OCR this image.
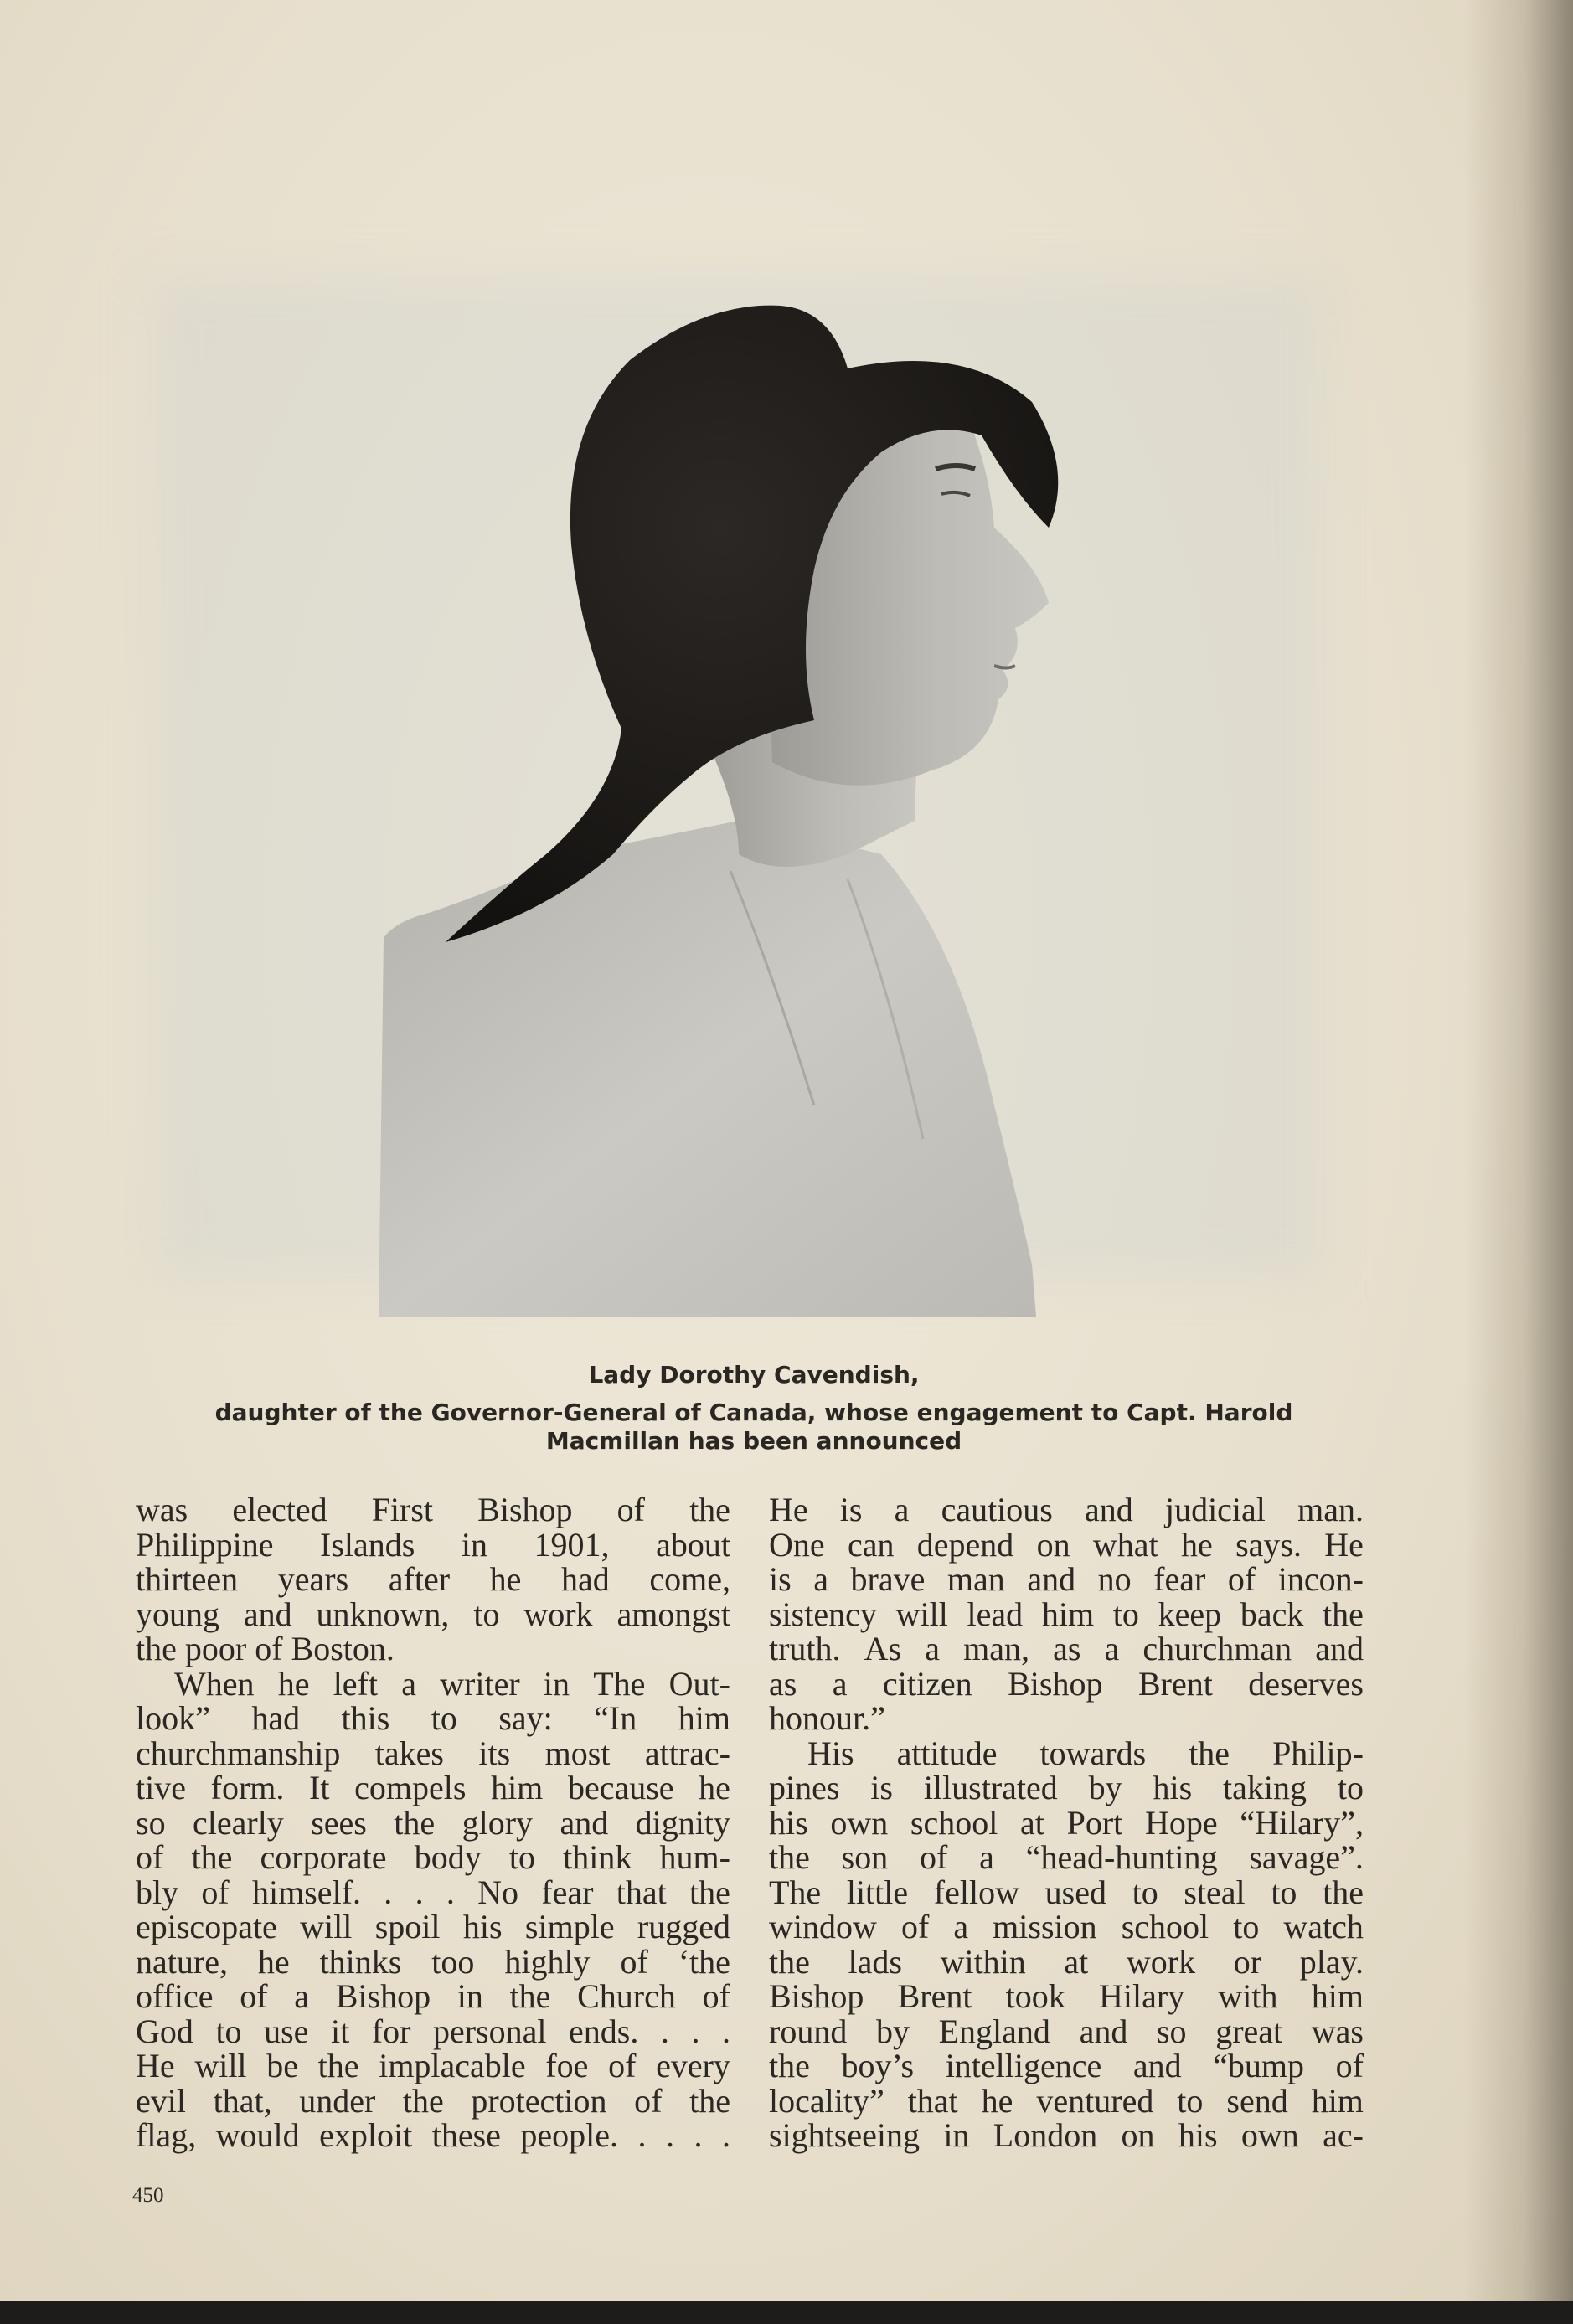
Lady Dorothy Cavendish,
daughter of the Governor-General of Canada, whose engagement to Capt. Harold
Macmillan has been announced
was elected First Bishop of the
Philippine Islands in 1901, about
thirteen years after he had come,
young and unknown, to work amongst
the poor of Boston.
When he left a writer in The Out-
look” had this to say: “In him
churchmanship takes its most attrac-
tive form. It compels him because he
so clearly sees the glory and dignity
of the corporate body to think hum-
bly of himself. . . . No fear that the
episcopate will spoil his simple rugged
nature, he thinks too highly of ‘the
office of a Bishop in the Church of
God to use it for personal ends. . . .
He will be the implacable foe of every
evil that, under the protection of the
flag, would exploit these people. . . . .
He is a cautious and judicial man.
One can depend on what he says. He
is a brave man and no fear of incon-
sistency will lead him to keep back the
truth. As a man, as a churchman and
as a citizen Bishop Brent deserves
honour.”
His attitude towards the Philip-
pines is illustrated by his taking to
his own school at Port Hope “Hilary”,
the son of a “head-hunting savage”.
The little fellow used to steal to the
window of a mission school to watch
the lads within at work or play.
Bishop Brent took Hilary with him
round by England and so great was
the boy’s intelligence and “bump of
locality” that he ventured to send him
sightseeing in London on his own ac-
450
